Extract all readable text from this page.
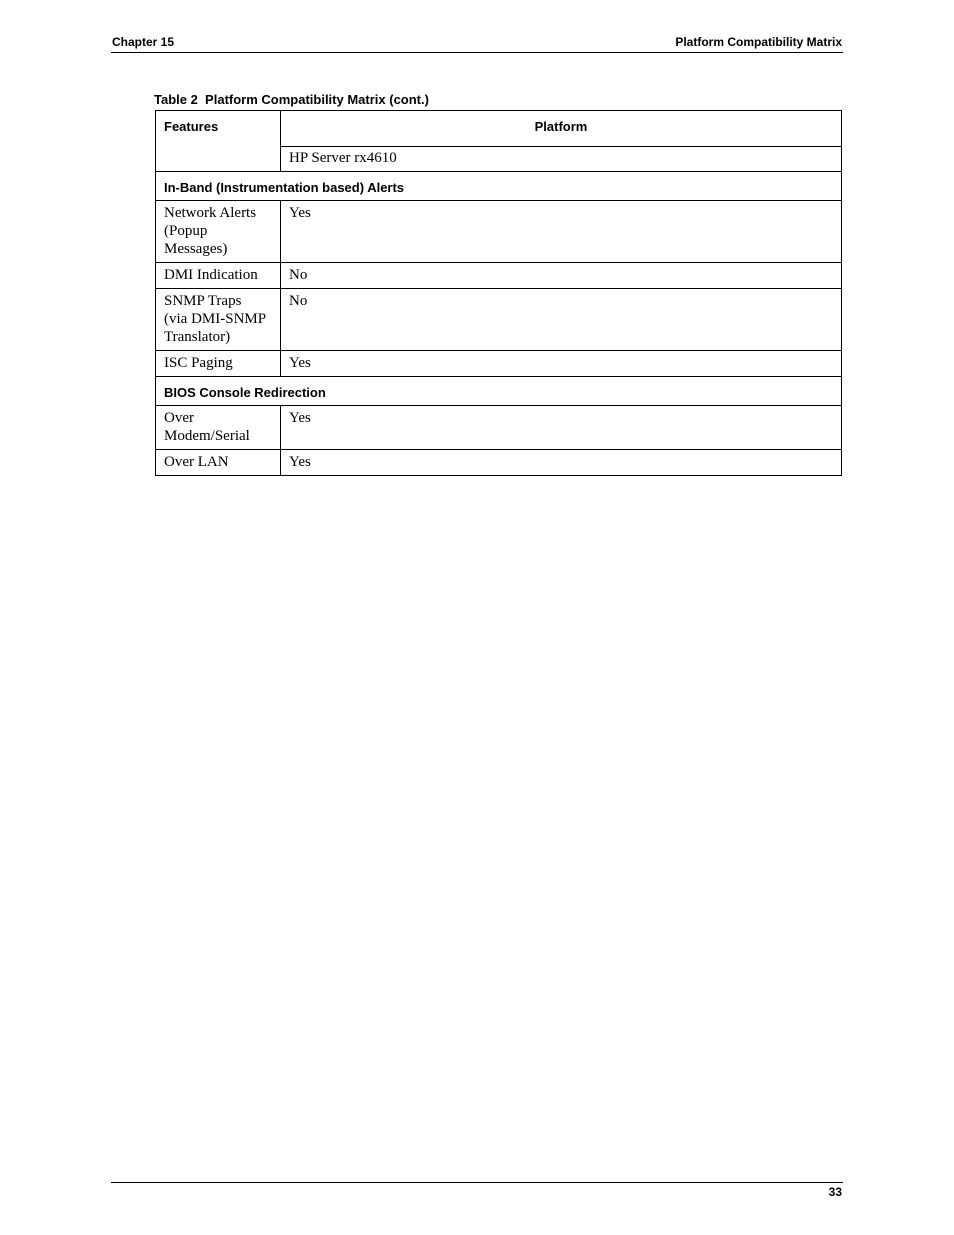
Chapter 15	Platform Compatibility Matrix
Table 2  Platform Compatibility Matrix (cont.)
Features	Platform
	HP Server rx4610
In-Band (Instrumentation based) Alerts	

Network Alerts
(Popup
Messages)	Yes

DMI Indication	No

SNMP Traps
(via DMI-SNMP
Translator)	No

ISC Paging	Yes
BIOS Console Redirection	

Over
Modem/Serial	Yes

Over LAN	Yes
33
